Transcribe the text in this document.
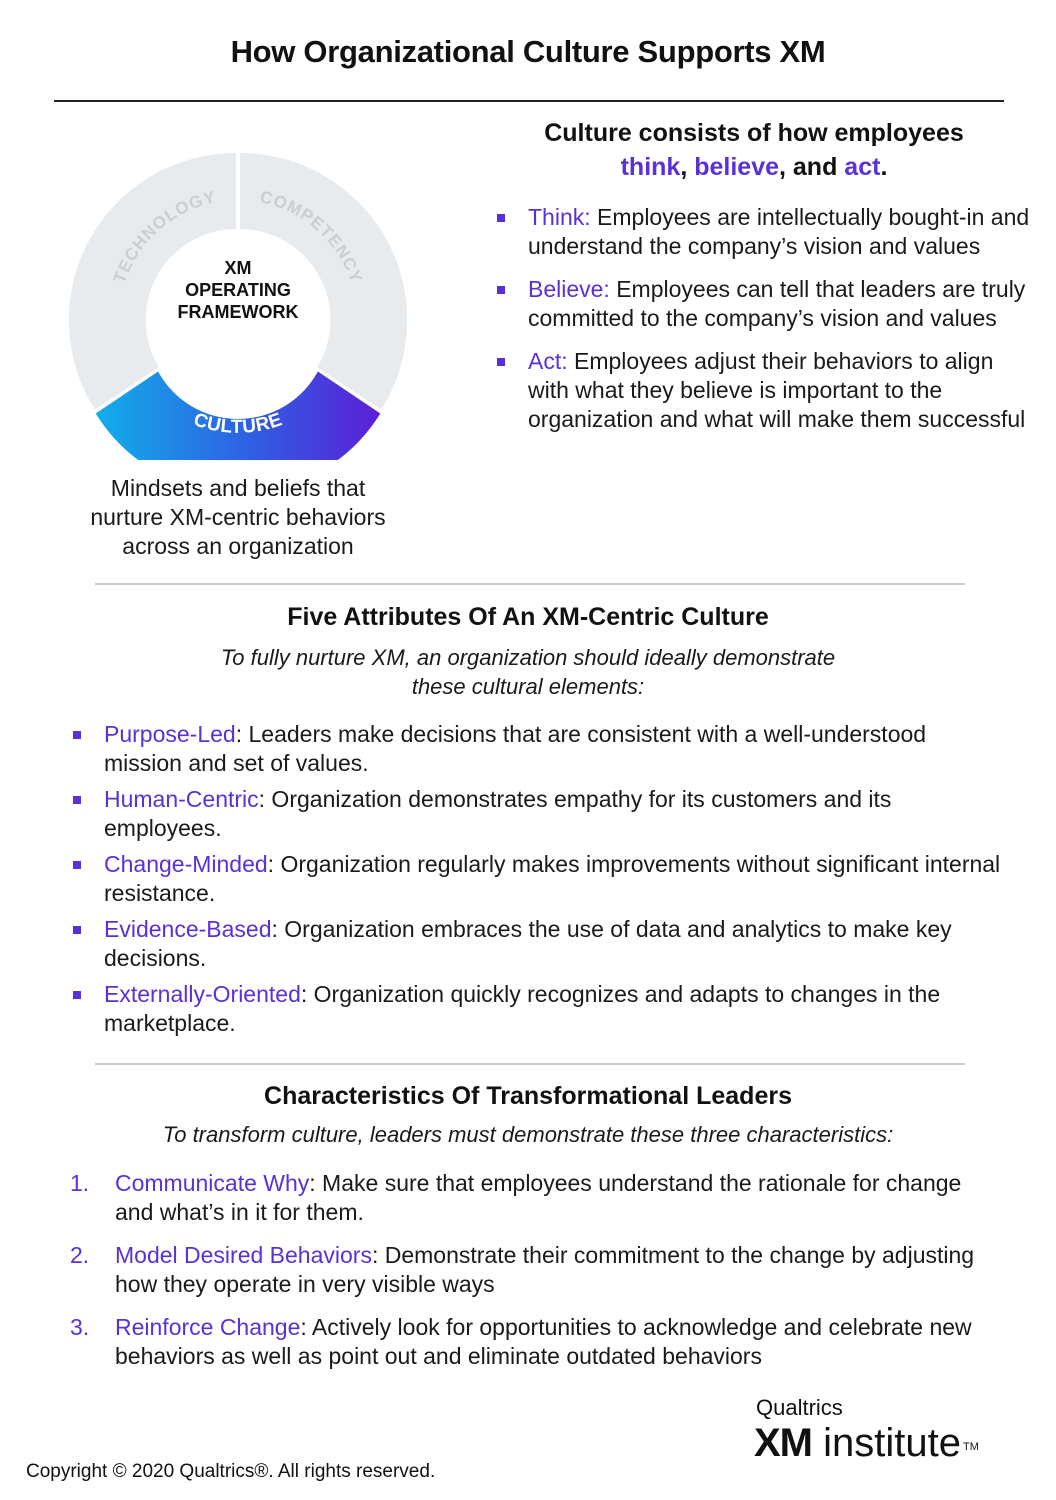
How Organizational Culture Supports XM
TECHNOLOGY COMPETENCY
CULTURE
XM
OPERATING
FRAMEWORK
Mindsets and beliefs that
nurture XM-centric behaviors
across an organization
Culture consists of how employees
think, believe, and act.
Think: Employees are intellectually bought-in and understand the company’s vision and values
Believe: Employees can tell that leaders are truly committed to the company’s vision and values
Act: Employees adjust their behaviors to align with what they believe is important to the organization and what will make them successful
Five Attributes Of An XM-Centric Culture
To fully nurture XM, an organization should ideally demonstrate
these cultural elements:
Purpose-Led: Leaders make decisions that are consistent with a well-understood mission and set of values.
Human-Centric: Organization demonstrates empathy for its customers and its employees.
Change-Minded: Organization regularly makes improvements without significant internal resistance.
Evidence-Based: Organization embraces the use of data and analytics to make key decisions.
Externally-Oriented: Organization quickly recognizes and adapts to changes in the marketplace.
Characteristics Of Transformational Leaders
To transform culture, leaders must demonstrate these three characteristics:
1. Communicate Why: Make sure that employees understand the rationale for change and what’s in it for them.
2. Model Desired Behaviors: Demonstrate their commitment to the change by adjusting how they operate in very visible ways
3. Reinforce Change: Actively look for opportunities to acknowledge and celebrate new behaviors as well as point out and eliminate outdated behaviors
Qualtrics
XM institute ™
Copyright © 2020 Qualtrics®. All rights reserved.
